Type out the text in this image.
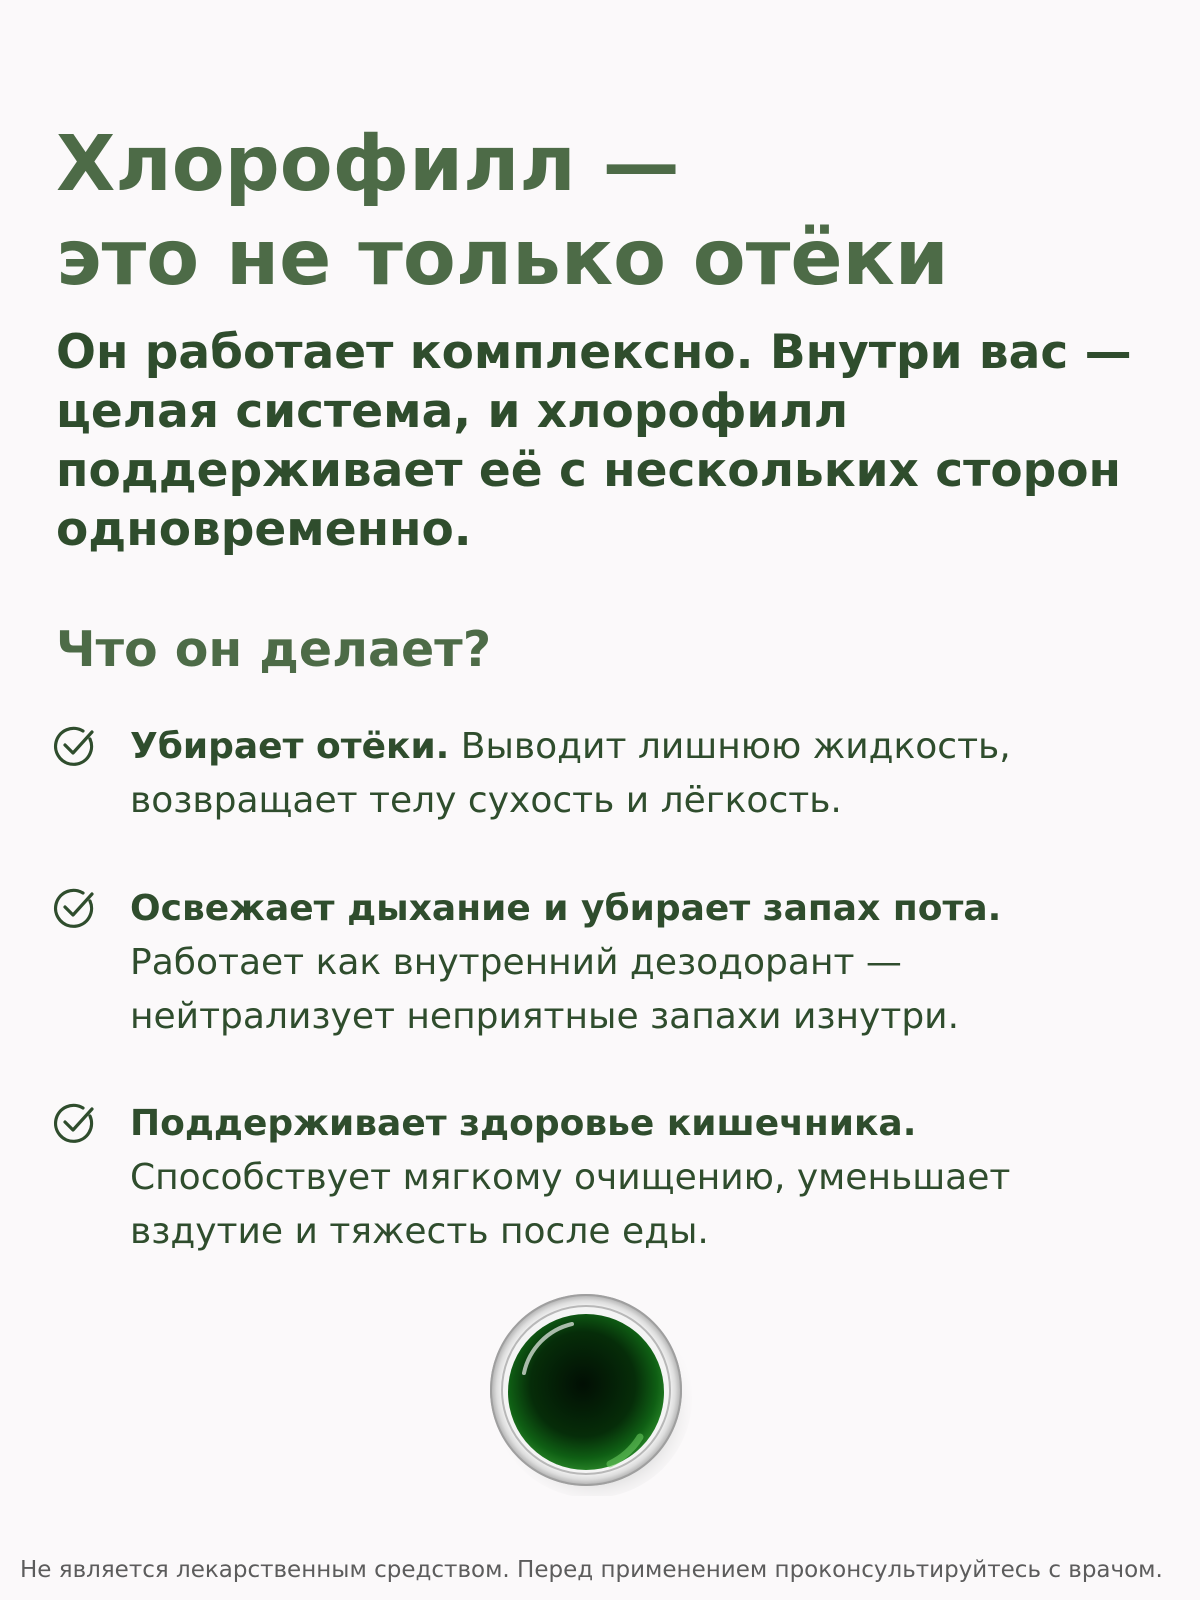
Хлорофилл —
это не только отёки

Он работает комплексно. Внутри вас —
целая система, и хлорофилл
поддерживает её с нескольких сторон
одновременно.

Что он делает?
Убирает отёки. Выводит лишнюю жидкость,
возвращает телу сухость и лёгкость.
Освежает дыхание и убирает запах пота.
Работает как внутренний дезодорант —
нейтрализует неприятные запахи изнутри.
Поддерживает здоровье кишечника.
Способствует мягкому очищению, уменьшает
вздутие и тяжесть после еды.
Не является лекарственным средством. Перед применением проконсультируйтесь с врачом.
